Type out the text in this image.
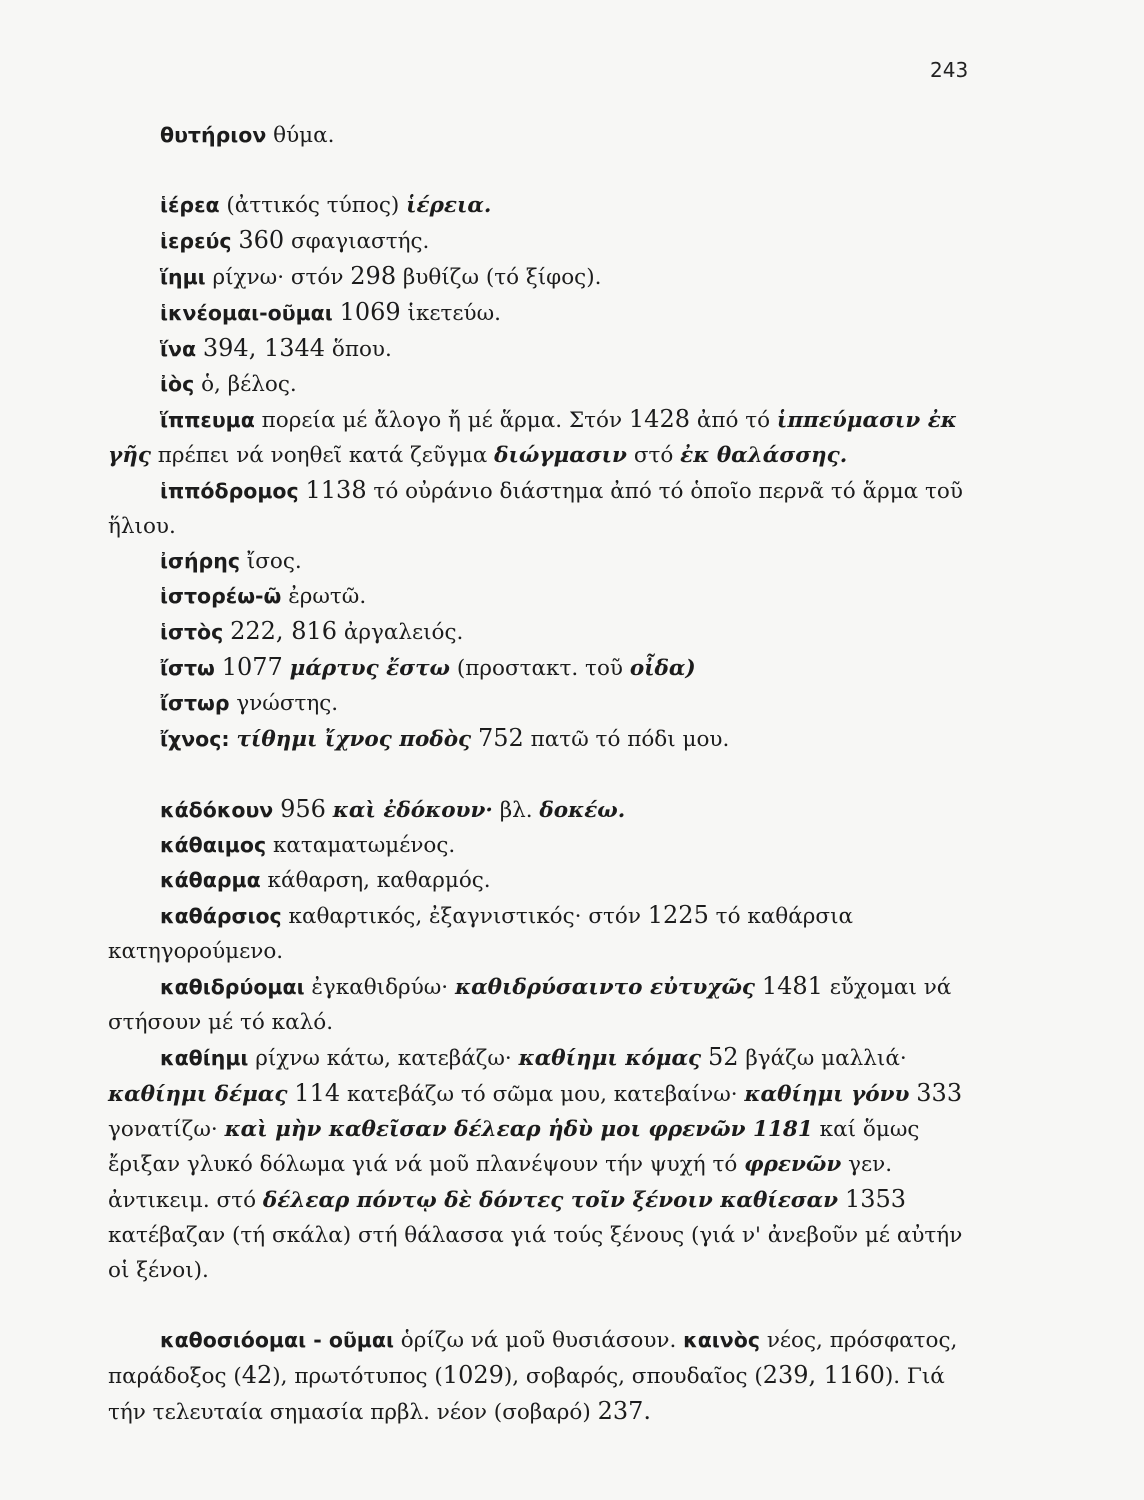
243

θυτήριον θύμα.

ἱέρεα (ἀττικός τύπος) ἱέρεια.

ἱερεύς 360 σφαγιαστής.

ἵημι ρίχνω· στόν 298 βυθίζω (τό ξίφος).

ἱκνέομαι-οῦμαι 1069 ἱκετεύω.

ἵνα 394, 1344 ὅπου.

ἰὸς ὁ, βέλος.

ἵππευμα πορεία μέ ἄλογο ἤ μέ ἅρμα. Στόν 1428 ἀπό τό ἱππεύμασιν ἐκ γῆς πρέπει νά νοηθεῖ κατά ζεῦγμα διώγμασιν στό ἐκ θαλάσσης.

ἱππόδρομος 1138 τό οὐράνιο διάστημα ἀπό τό ὁποῖο περνᾶ τό ἅρμα τοῦ ἥλιου.

ἰσήρης ἴσος.

ἱστορέω-ῶ ἐρωτῶ.

ἱστὸς 222, 816 ἀργαλειός.

ἴστω 1077 μάρτυς ἔστω (προστακτ. τοῦ οἶδα)

ἴστωρ γνώστης.

ἴχνος: τίθημι ἴχνος ποδὸς 752 πατῶ τό πόδι μου.

κάδόκουν 956 καὶ ἐδόκουν· βλ. δοκέω.

κάθαιμος καταματωμένος.

κάθαρμα κάθαρση, καθαρμός.

καθάρσιος καθαρτικός, ἐξαγνιστικός· στόν 1225 τό καθάρσια κατηγορούμενο.

καθιδρύομαι ἐγκαθιδρύω· καθιδρύσαιντο εὐτυχῶς 1481 εὔχομαι νά στήσουν μέ τό καλό.

καθίημι ρίχνω κάτω, κατεβάζω· καθίημι κόμας 52 βγάζω μαλλιά· καθίημι δέμας 114 κατεβάζω τό σῶμα μου, κατεβαίνω· καθίημι γόνυ 333 γονατίζω· καὶ μὴν καθεῖσαν δέλεαρ ἡδὺ μοι φρενῶν 1181 καί ὅμως ἔριξαν γλυκό δόλωμα γιά νά μοῦ πλανέψουν τήν ψυχή τό φρενῶν γεν. ἀντικειμ. στό δέλεαρ πόντῳ δὲ δόντες τοῖν ξένοιν καθίεσαν 1353 κατέβαζαν (τή σκάλα) στή θάλασσα γιά τούς ξένους (γιά ν' ἀνεβοῦν μέ αὐτήν οἱ ξένοι).

καθοσιόομαι - οῦμαι ὁρίζω νά μοῦ θυσιάσουν. καινὸς νέος, πρόσφατος, παράδοξος (42), πρωτότυπος (1029), σοβαρός, σπουδαῖος (239, 1160). Γιά τήν τελευταία σημασία πρβλ. νέον (σοβαρό) 237.
